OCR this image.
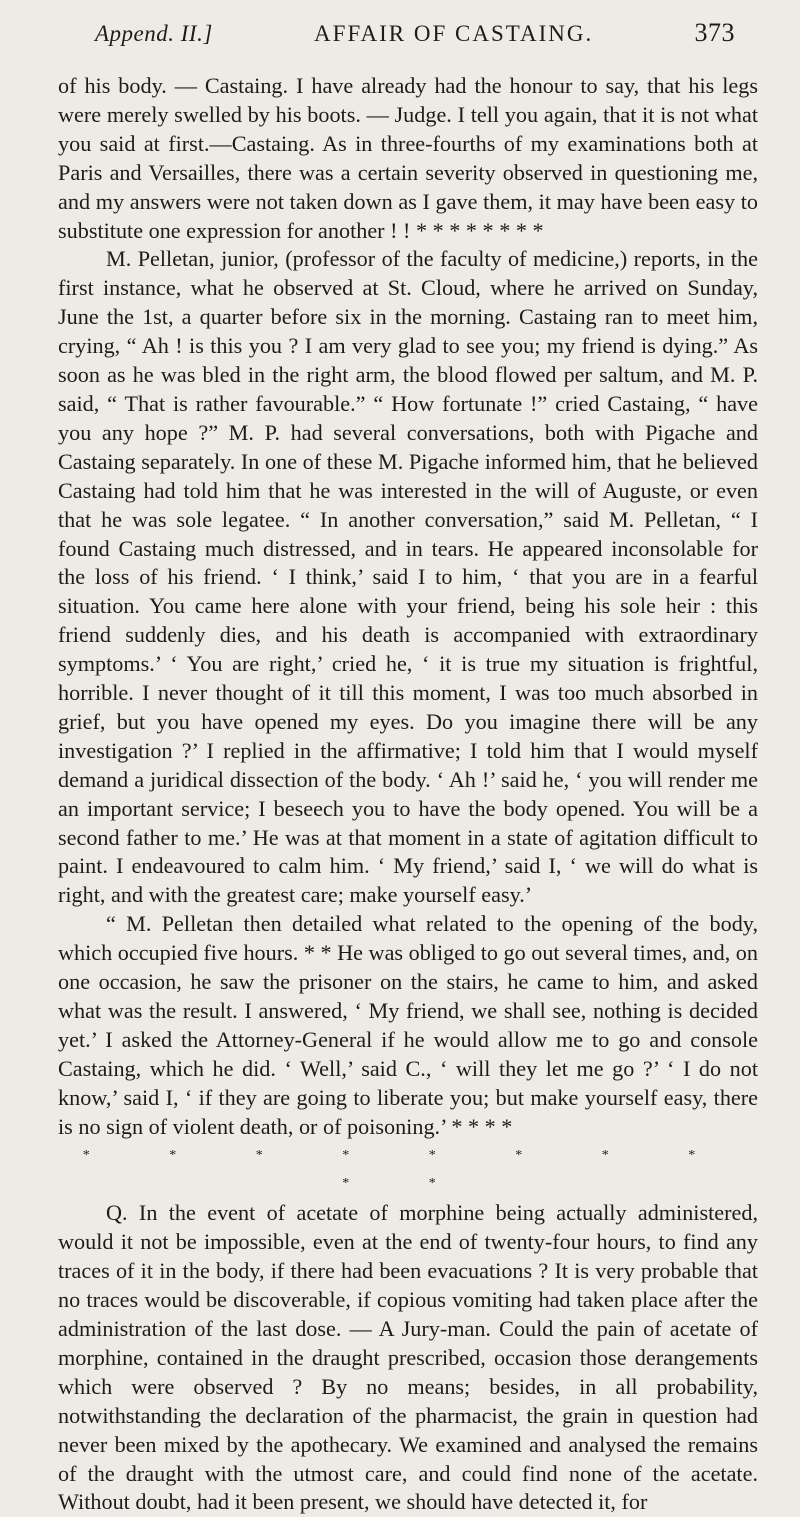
Append. II.]	AFFAIR OF CASTAING.	373

of his body. — Castaing. I have already had the honour to say, that his legs were merely swelled by his boots. — Judge. I tell you again, that it is not what you said at first.—Castaing. As in three-fourths of my examinations both at Paris and Versailles, there was a certain severity observed in questioning me, and my answers were not taken down as I gave them, it may have been easy to substitute one expression for another ! ! * * * * * * * *

M. Pelletan, junior, (professor of the faculty of medicine,) reports, in the first instance, what he observed at St. Cloud, where he arrived on Sunday, June the 1st, a quarter before six in the morning. Castaing ran to meet him, crying, “ Ah ! is this you ? I am very glad to see you; my friend is dying.” As soon as he was bled in the right arm, the blood flowed per saltum, and M. P. said, “ That is rather favourable.” “ How fortunate !” cried Castaing, “ have you any hope ?” M. P. had several conversations, both with Pigache and Castaing separately. In one of these M. Pigache informed him, that he believed Castaing had told him that he was interested in the will of Auguste, or even that he was sole legatee. “ In another conversation,” said M. Pelletan, “ I found Castaing much distressed, and in tears. He appeared inconsolable for the loss of his friend. ‘ I think,’ said I to him, ‘ that you are in a fearful situation. You came here alone with your friend, being his sole heir : this friend suddenly dies, and his death is accompanied with extraordinary symptoms.’ ‘ You are right,’ cried he, ‘ it is true my situation is frightful, horrible. I never thought of it till this moment, I was too much absorbed in grief, but you have opened my eyes. Do you imagine there will be any investigation ?’ I replied in the affirmative; I told him that I would myself demand a juridical dissection of the body. ‘ Ah !’ said he, ‘ you will render me an important service; I beseech you to have the body opened. You will be a second father to me.’ He was at that moment in a state of agitation difficult to paint. I endeavoured to calm him. ‘ My friend,’ said I, ‘ we will do what is right, and with the greatest care; make yourself easy.’

“ M. Pelletan then detailed what related to the opening of the body, which occupied five hours. * * He was obliged to go out several times, and, on one occasion, he saw the prisoner on the stairs, he came to him, and asked what was the result. I answered, ‘ My friend, we shall see, nothing is decided yet.’ I asked the Attorney-General if he would allow me to go and console Castaing, which he did. ‘ Well,’ said C., ‘ will they let me go ?’ ‘ I do not know,’ said I, ‘ if they are going to liberate you; but make yourself easy, there is no sign of violent death, or of poisoning.’ * * * *

* * * * * * * * * *

Q. In the event of acetate of morphine being actually administered, would it not be impossible, even at the end of twenty-four hours, to find any traces of it in the body, if there had been evacuations ? It is very probable that no traces would be discoverable, if copious vomiting had taken place after the administration of the last dose. — A Jury-man. Could the pain of acetate of morphine, contained in the draught prescribed, occasion those derangements which were observed ? By no means; besides, in all probability, notwithstanding the declaration of the pharmacist, the grain in question had never been mixed by the apothecary. We examined and analysed the remains of the draught with the utmost care, and could find none of the acetate. Without doubt, had it been present, we should have detected it, for
